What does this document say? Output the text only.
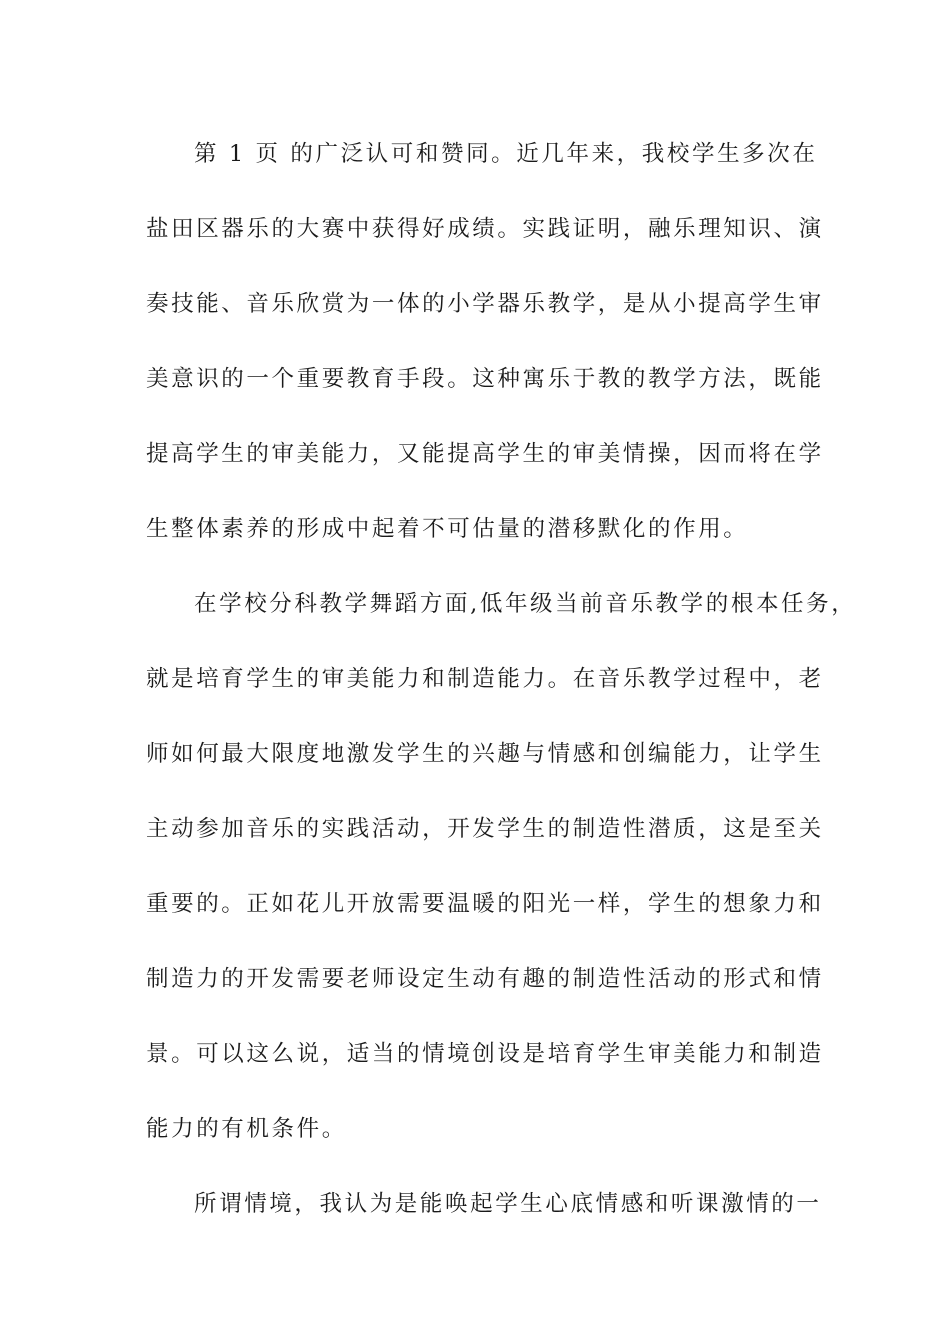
第 1 页 的广泛认可和赞同。近几年来，我校学生多次在
盐田区器乐的大赛中获得好成绩。实践证明，融乐理知识、演
奏技能、音乐欣赏为一体的小学器乐教学，是从小提高学生审
美意识的一个重要教育手段。这种寓乐于教的教学方法，既能
提高学生的审美能力，又能提高学生的审美情操，因而将在学
生整体素养的形成中起着不可估量的潜移默化的作用。
在学校分科教学舞蹈方面,低年级当前音乐教学的根本任务，
就是培育学生的审美能力和制造能力。在音乐教学过程中，老
师如何最大限度地激发学生的兴趣与情感和创编能力，让学生
主动参加音乐的实践活动，开发学生的制造性潜质，这是至关
重要的。正如花儿开放需要温暖的阳光一样，学生的想象力和
制造力的开发需要老师设定生动有趣的制造性活动的形式和情
景。可以这么说，适当的情境创设是培育学生审美能力和制造
能力的有机条件。
所谓情境，我认为是能唤起学生心底情感和听课激情的一
